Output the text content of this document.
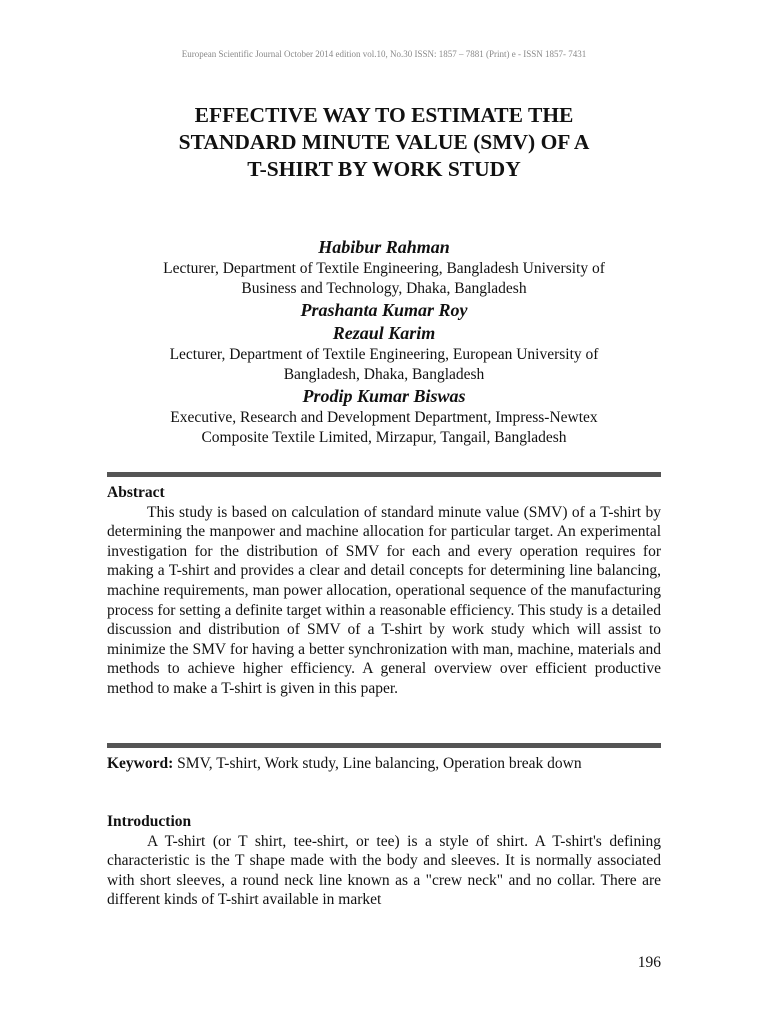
European Scientific Journal October 2014 edition vol.10, No.30 ISSN: 1857 – 7881 (Print) e - ISSN 1857- 7431
EFFECTIVE WAY TO ESTIMATE THE
STANDARD MINUTE VALUE (SMV) OF A
T-SHIRT BY WORK STUDY
Habibur Rahman
Lecturer, Department of Textile Engineering, Bangladesh University of
Business and Technology, Dhaka, Bangladesh
Prashanta Kumar Roy
Rezaul Karim
Lecturer, Department of Textile Engineering, European University of
Bangladesh, Dhaka, Bangladesh
Prodip Kumar Biswas
Executive, Research and Development Department, Impress-Newtex
Composite Textile Limited, Mirzapur, Tangail, Bangladesh
Abstract
This study is based on calculation of standard minute value (SMV) of a T-shirt by determining the manpower and machine allocation for particular target. An experimental investigation for the distribution of SMV for each and every operation requires for making a T-shirt and provides a clear and detail concepts for determining line balancing, machine requirements, man power allocation, operational sequence of the manufacturing process for setting a definite target within a reasonable efficiency. This study is a detailed discussion and distribution of SMV of a T-shirt by work study which will assist to minimize the SMV for having a better synchronization with man, machine, materials and methods to achieve higher efficiency. A general overview over efficient productive method to make a T-shirt is given in this paper.
Keyword: SMV, T-shirt, Work study, Line balancing, Operation break down
Introduction
A T-shirt (or T shirt, tee-shirt, or tee) is a style of shirt. A T-shirt's defining characteristic is the T shape made with the body and sleeves. It is normally associated with short sleeves, a round neck line known as a "crew neck" and no collar. There are different kinds of T-shirt available in market
196
